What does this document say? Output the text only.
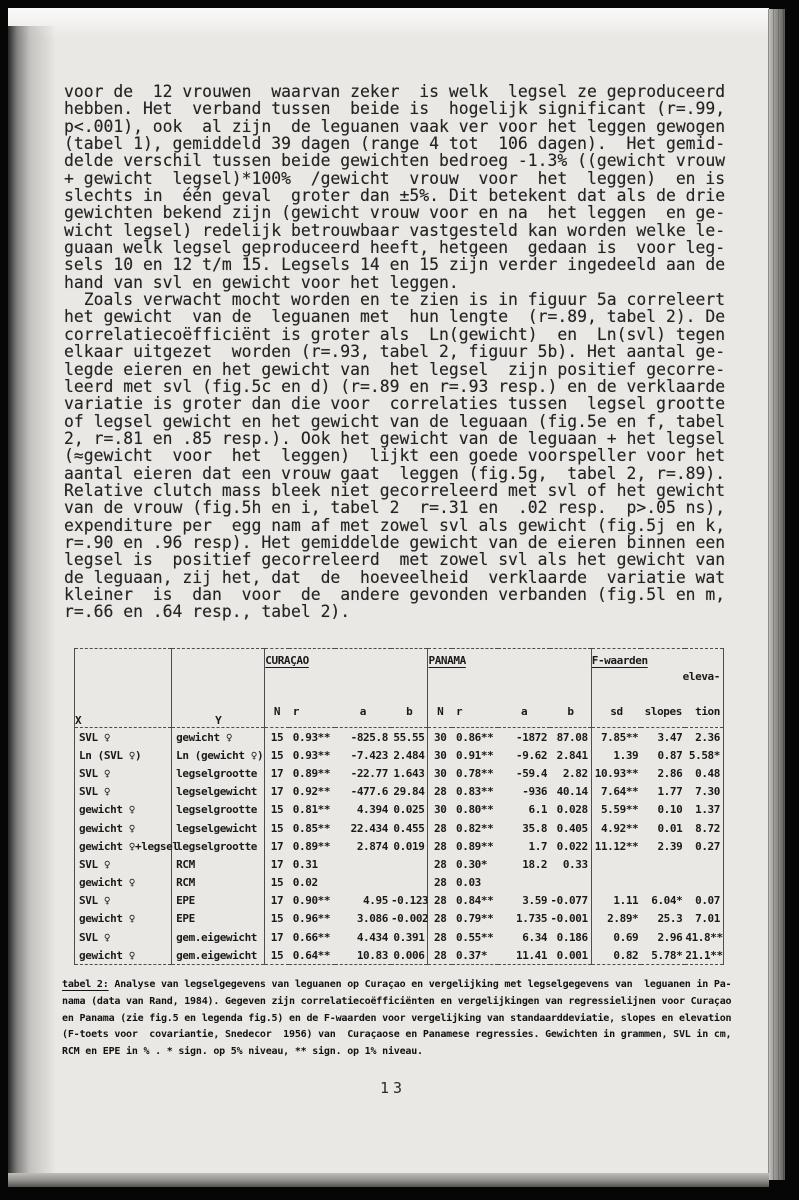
voor de  12 vrouwen  waarvan zeker  is welk  legsel ze geproduceerd
hebben. Het  verband tussen  beide is  hogelijk significant (r=.99,
p<.001), ook  al zijn  de leguanen vaak ver voor het leggen gewogen
(tabel 1), gemiddeld 39 dagen (range 4 tot  106 dagen).  Het gemid-
delde verschil tussen beide gewichten bedroeg -1.3% ((gewicht vrouw
+ gewicht  legsel)*100%  /gewicht  vrouw  voor  het  leggen)  en is
slechts in  één geval  groter dan ±5%. Dit betekent dat als de drie
gewichten bekend zijn (gewicht vrouw voor en na  het leggen  en ge-
wicht legsel) redelijk betrouwbaar vastgesteld kan worden welke le-
guaan welk legsel geproduceerd heeft, hetgeen  gedaan is  voor leg-
sels 10 en 12 t/m 15. Legsels 14 en 15 zijn verder ingedeeld aan de
hand van svl en gewicht voor het leggen.
Zoals verwacht mocht worden en te zien is in figuur 5a correleert
het gewicht  van de  leguanen met  hun lengte  (r=.89, tabel 2). De
correlatiecoëfficiënt is groter als  Ln(gewicht)  en  Ln(svl) tegen
elkaar uitgezet  worden (r=.93, tabel 2, figuur 5b). Het aantal ge-
legde eieren en het gewicht van  het legsel  zijn positief gecorre-
leerd met svl (fig.5c en d) (r=.89 en r=.93 resp.) en de verklaarde
variatie is groter dan die voor  correlaties tussen  legsel grootte
of legsel gewicht en het gewicht van de leguaan (fig.5e en f, tabel
2, r=.81 en .85 resp.). Ook het gewicht van de leguaan + het legsel
(≈gewicht  voor  het  leggen)  lijkt een goede voorspeller voor het
aantal eieren dat een vrouw gaat  leggen (fig.5g,  tabel 2, r=.89).
Relative clutch mass bleek niet gecorreleerd met svl of het gewicht
van de vrouw (fig.5h en i, tabel 2  r=.31 en  .02 resp.  p>.05 ns),
expenditure per  egg nam af met zowel svl als gewicht (fig.5j en k,
r=.90 en .96 resp). Het gemiddelde gewicht van de eieren binnen een
legsel is  positief gecorreleerd  met zowel svl als het gewicht van
de leguaan, zij het, dat  de  hoeveelheid  verklaarde  variatie wat
kleiner  is  dan  voor  de  andere gevonden verbanden (fig.5l en m,
r=.66 en .64 resp., tabel 2).
X	Y	CURAÇAO				PANAMA				F-waarden
eleva-		

		N	r	a	b	N	r	a	b	sd	slopes	tion
SVL ♀	gewicht ♀	15	0.93**	-825.8	55.55	30	0.86**	-1872	87.08	7.85**	3.47	2.36
Ln (SVL ♀)	Ln (gewicht ♀)	15	0.93**	-7.423	2.484	30	0.91**	-9.62	2.841	1.39	0.87	5.58*
SVL ♀	legselgrootte	17	0.89**	-22.77	1.643	30	0.78**	-59.4	2.82	10.93**	2.86	0.48
SVL ♀	legselgewicht	17	0.92**	-477.6	29.84	28	0.83**	-936	40.14	7.64**	1.77	7.30
gewicht ♀	legselgrootte	15	0.81**	4.394	0.025	30	0.80**	6.1	0.028	5.59**	0.10	1.37
gewicht ♀	legselgewicht	15	0.85**	22.434	0.455	28	0.82**	35.8	0.405	4.92**	0.01	8.72
gewicht ♀+legsel	legselgrootte	17	0.89**	2.874	0.019	28	0.89**	1.7	0.022	11.12**	2.39	0.27
SVL ♀	RCM	17	0.31			28	0.30*	18.2	0.33			
gewicht ♀	RCM	15	0.02			28	0.03					
SVL ♀	EPE	17	0.90**	4.95	-0.123	28	0.84**	3.59	-0.077	1.11	6.04*	0.07
gewicht ♀	EPE	15	0.96**	3.086	-0.002	28	0.79**	1.735	-0.001	2.89*	25.3	7.01
SVL ♀	gem.eigewicht	17	0.66**	4.434	0.391	28	0.55**	6.34	0.186	0.69	2.96	41.8**
gewicht ♀	gem.eigewicht	15	0.64**	10.83	0.006	28	0.37*	11.41	0.001	0.82	5.78*	21.1**
tabel 2: Analyse van legselgegevens van leguanen op Curaçao en vergelijking met legselgegevens van  leguanen in Pa-
nama (data van Rand, 1984). Gegeven zijn correlatiecoëfficiënten en vergelijkingen van regressielijnen voor Curaçao
en Panama (zie fig.5 en legenda fig.5) en de F-waarden voor vergelijking van standaarddeviatie, slopes en elevation
(F-toets voor  covariantie, Snedecor  1956) van  Curaçaose en Panamese regressies. Gewichten in grammen, SVL in cm,
RCM en EPE in % . * sign. op 5% niveau, ** sign. op 1% niveau.
13
